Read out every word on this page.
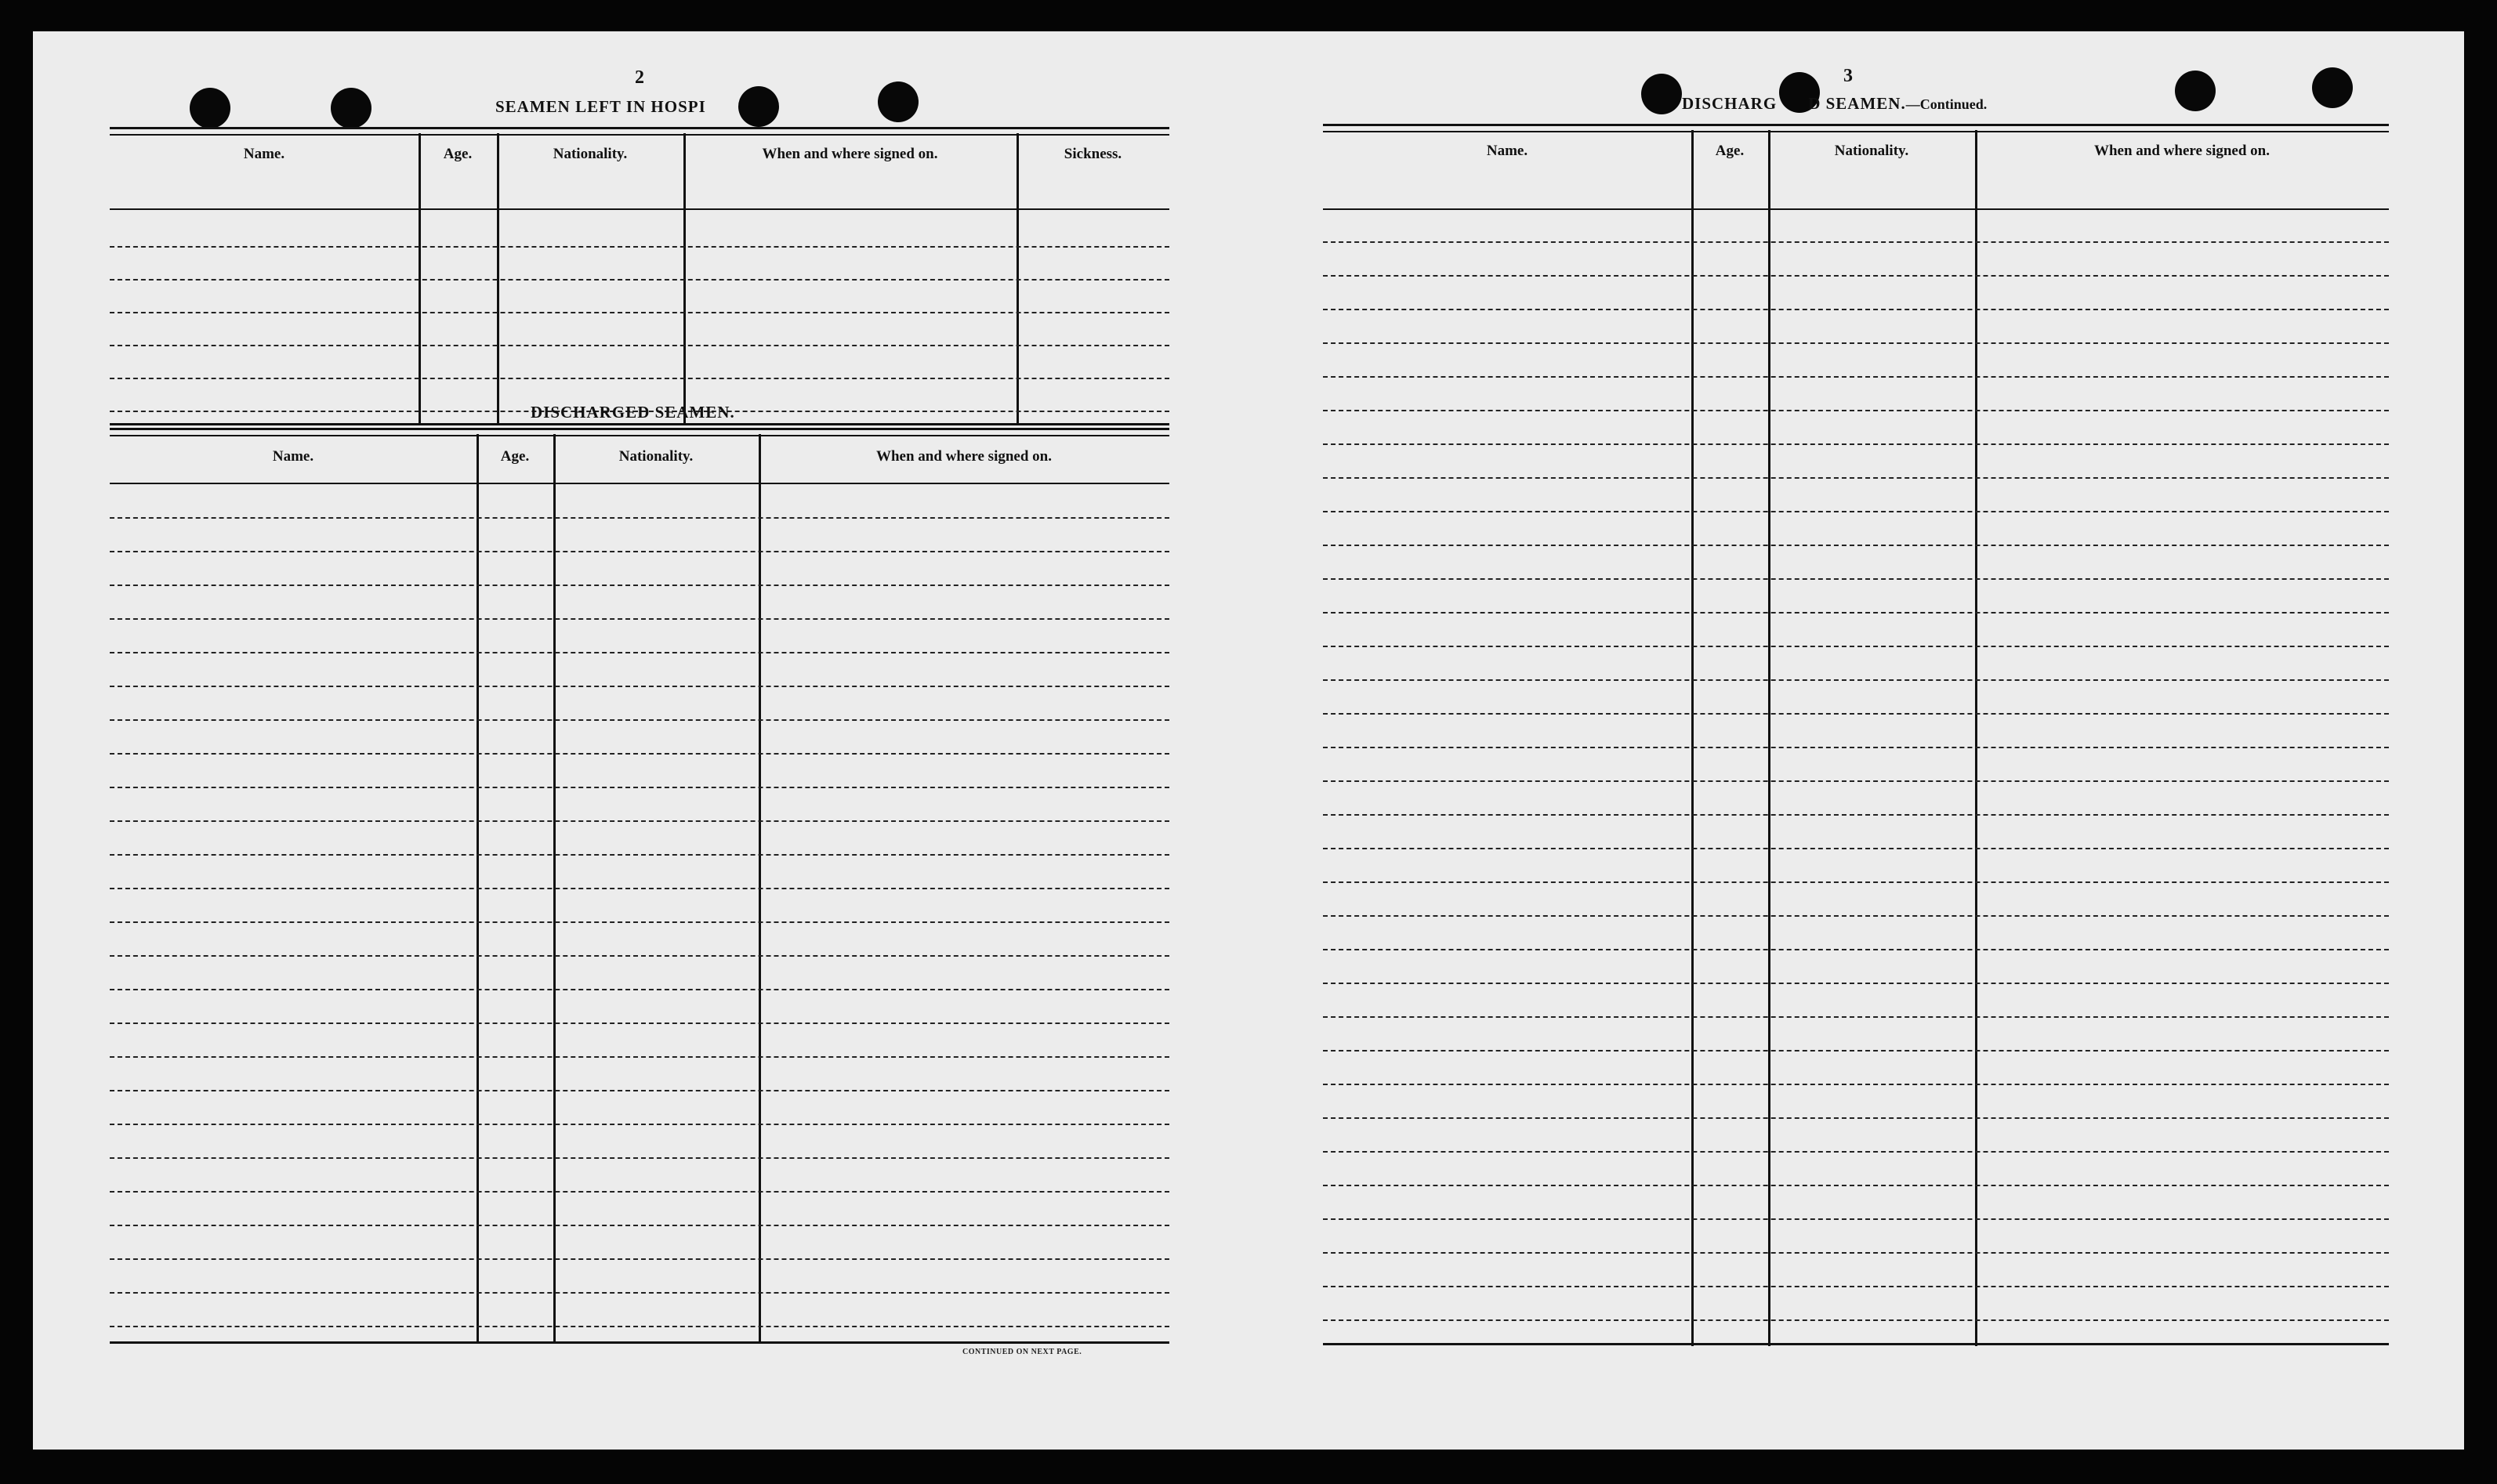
2
SEAMEN LEFT IN HOSPI
Name.	Age.	Nationality.	When and where signed on.	Sickness.
DISCHARGED SEAMEN.
Name.	Age.	Nationality.	When and where signed on.
CONTINUED ON NEXT PAGE.
3
DISCHARG D SEAMEN.—Continued.
Name.	Age.	Nationality.	When and where signed on.
